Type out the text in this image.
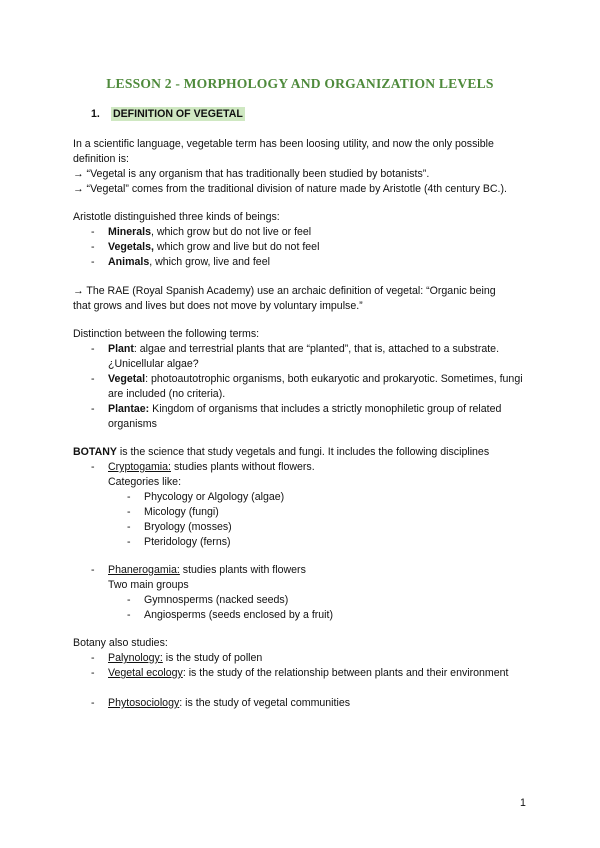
LESSON 2 - MORPHOLOGY AND ORGANIZATION LEVELS
1. DEFINITION OF VEGETAL

In a scientific language, vegetable term has been loosing utility, and now the only possible

definition is:

→ “Vegetal is any organism that has traditionally been studied by botanists”.

→ “Vegetal” comes from the traditional division of nature made by Aristotle (4th century BC.).

Aristotle distinguished three kinds of beings:

- Minerals, which grow but do not live or feel
- Vegetals, which grow and live but do not feel
- Animals, which grow, live and feel

→ The RAE (Royal Spanish Academy) use an archaic definition of vegetal: “Organic being

that grows and lives but does not move by voluntary impulse.”

Distinction between the following terms:

- Plant: algae and terrestrial plants that are “planted”, that is, attached to a substrate. ¿Unicellular algae?
- Vegetal: photoautotrophic organisms, both eukaryotic and prokaryotic. Sometimes, fungi are included (no criteria).
- Plantae: Kingdom of organisms that includes a strictly monophiletic group of related organisms

BOTANY is the science that study vegetals and fungi. It includes the following disciplines

- Cryptogamia: studies plants without flowers.
Categories like:
- Phycology or Algology (algae)
- Micology (fungi)
- Bryology (mosses)
- Pteridology (ferns)
- Phanerogamia: studies plants with flowers
Two main groups
- Gymnosperms (nacked seeds)
- Angiosperms (seeds enclosed by a fruit)

Botany also studies:

- Palynology: is the study of pollen
- Vegetal ecology: is the study of the relationship between plants and their environment
- Phytosociology: is the study of vegetal communities
1
